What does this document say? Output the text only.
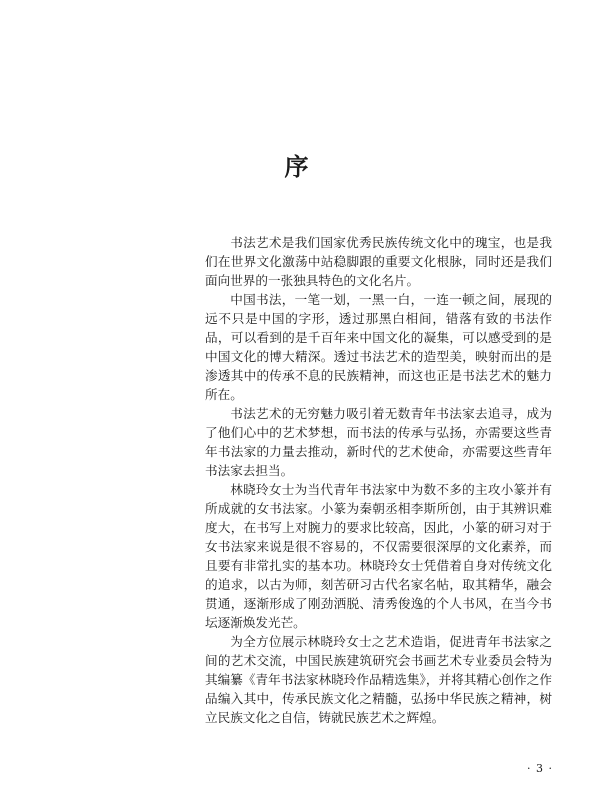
序

书法艺术是我们国家优秀民族传统文化中的瑰宝，也是我们在世界文化激荡中站稳脚跟的重要文化根脉，同时还是我们面向世界的一张独具特色的文化名片。

中国书法，一笔一划，一黑一白，一连一顿之间，展现的远不只是中国的字形，透过那黑白相间，错落有致的书法作品，可以看到的是千百年来中国文化的凝集，可以感受到的是中国文化的博大精深。透过书法艺术的造型美，映射而出的是渗透其中的传承不息的民族精神，而这也正是书法艺术的魅力所在。

书法艺术的无穷魅力吸引着无数青年书法家去追寻，成为了他们心中的艺术梦想，而书法的传承与弘扬，亦需要这些青年书法家的力量去推动，新时代的艺术使命，亦需要这些青年书法家去担当。

林晓玲女士为当代青年书法家中为数不多的主攻小篆并有所成就的女书法家。小篆为秦朝丞相李斯所创，由于其辨识难度大，在书写上对腕力的要求比较高，因此，小篆的研习对于女书法家来说是很不容易的，不仅需要很深厚的文化素养，而且要有非常扎实的基本功。林晓玲女士凭借着自身对传统文化的追求，以古为师，刻苦研习古代名家名帖，取其精华，融会贯通，逐渐形成了刚劲洒脱、清秀俊逸的个人书风，在当今书坛逐渐焕发光芒。

为全方位展示林晓玲女士之艺术造诣，促进青年书法家之间的艺术交流，中国民族建筑研究会书画艺术专业委员会特为其编纂《青年书法家林晓玲作品精选集》，并将其精心创作之作品编入其中，传承民族文化之精髓，弘扬中华民族之精神，树立民族文化之自信，铸就民族艺术之辉煌。

· 3 ·
